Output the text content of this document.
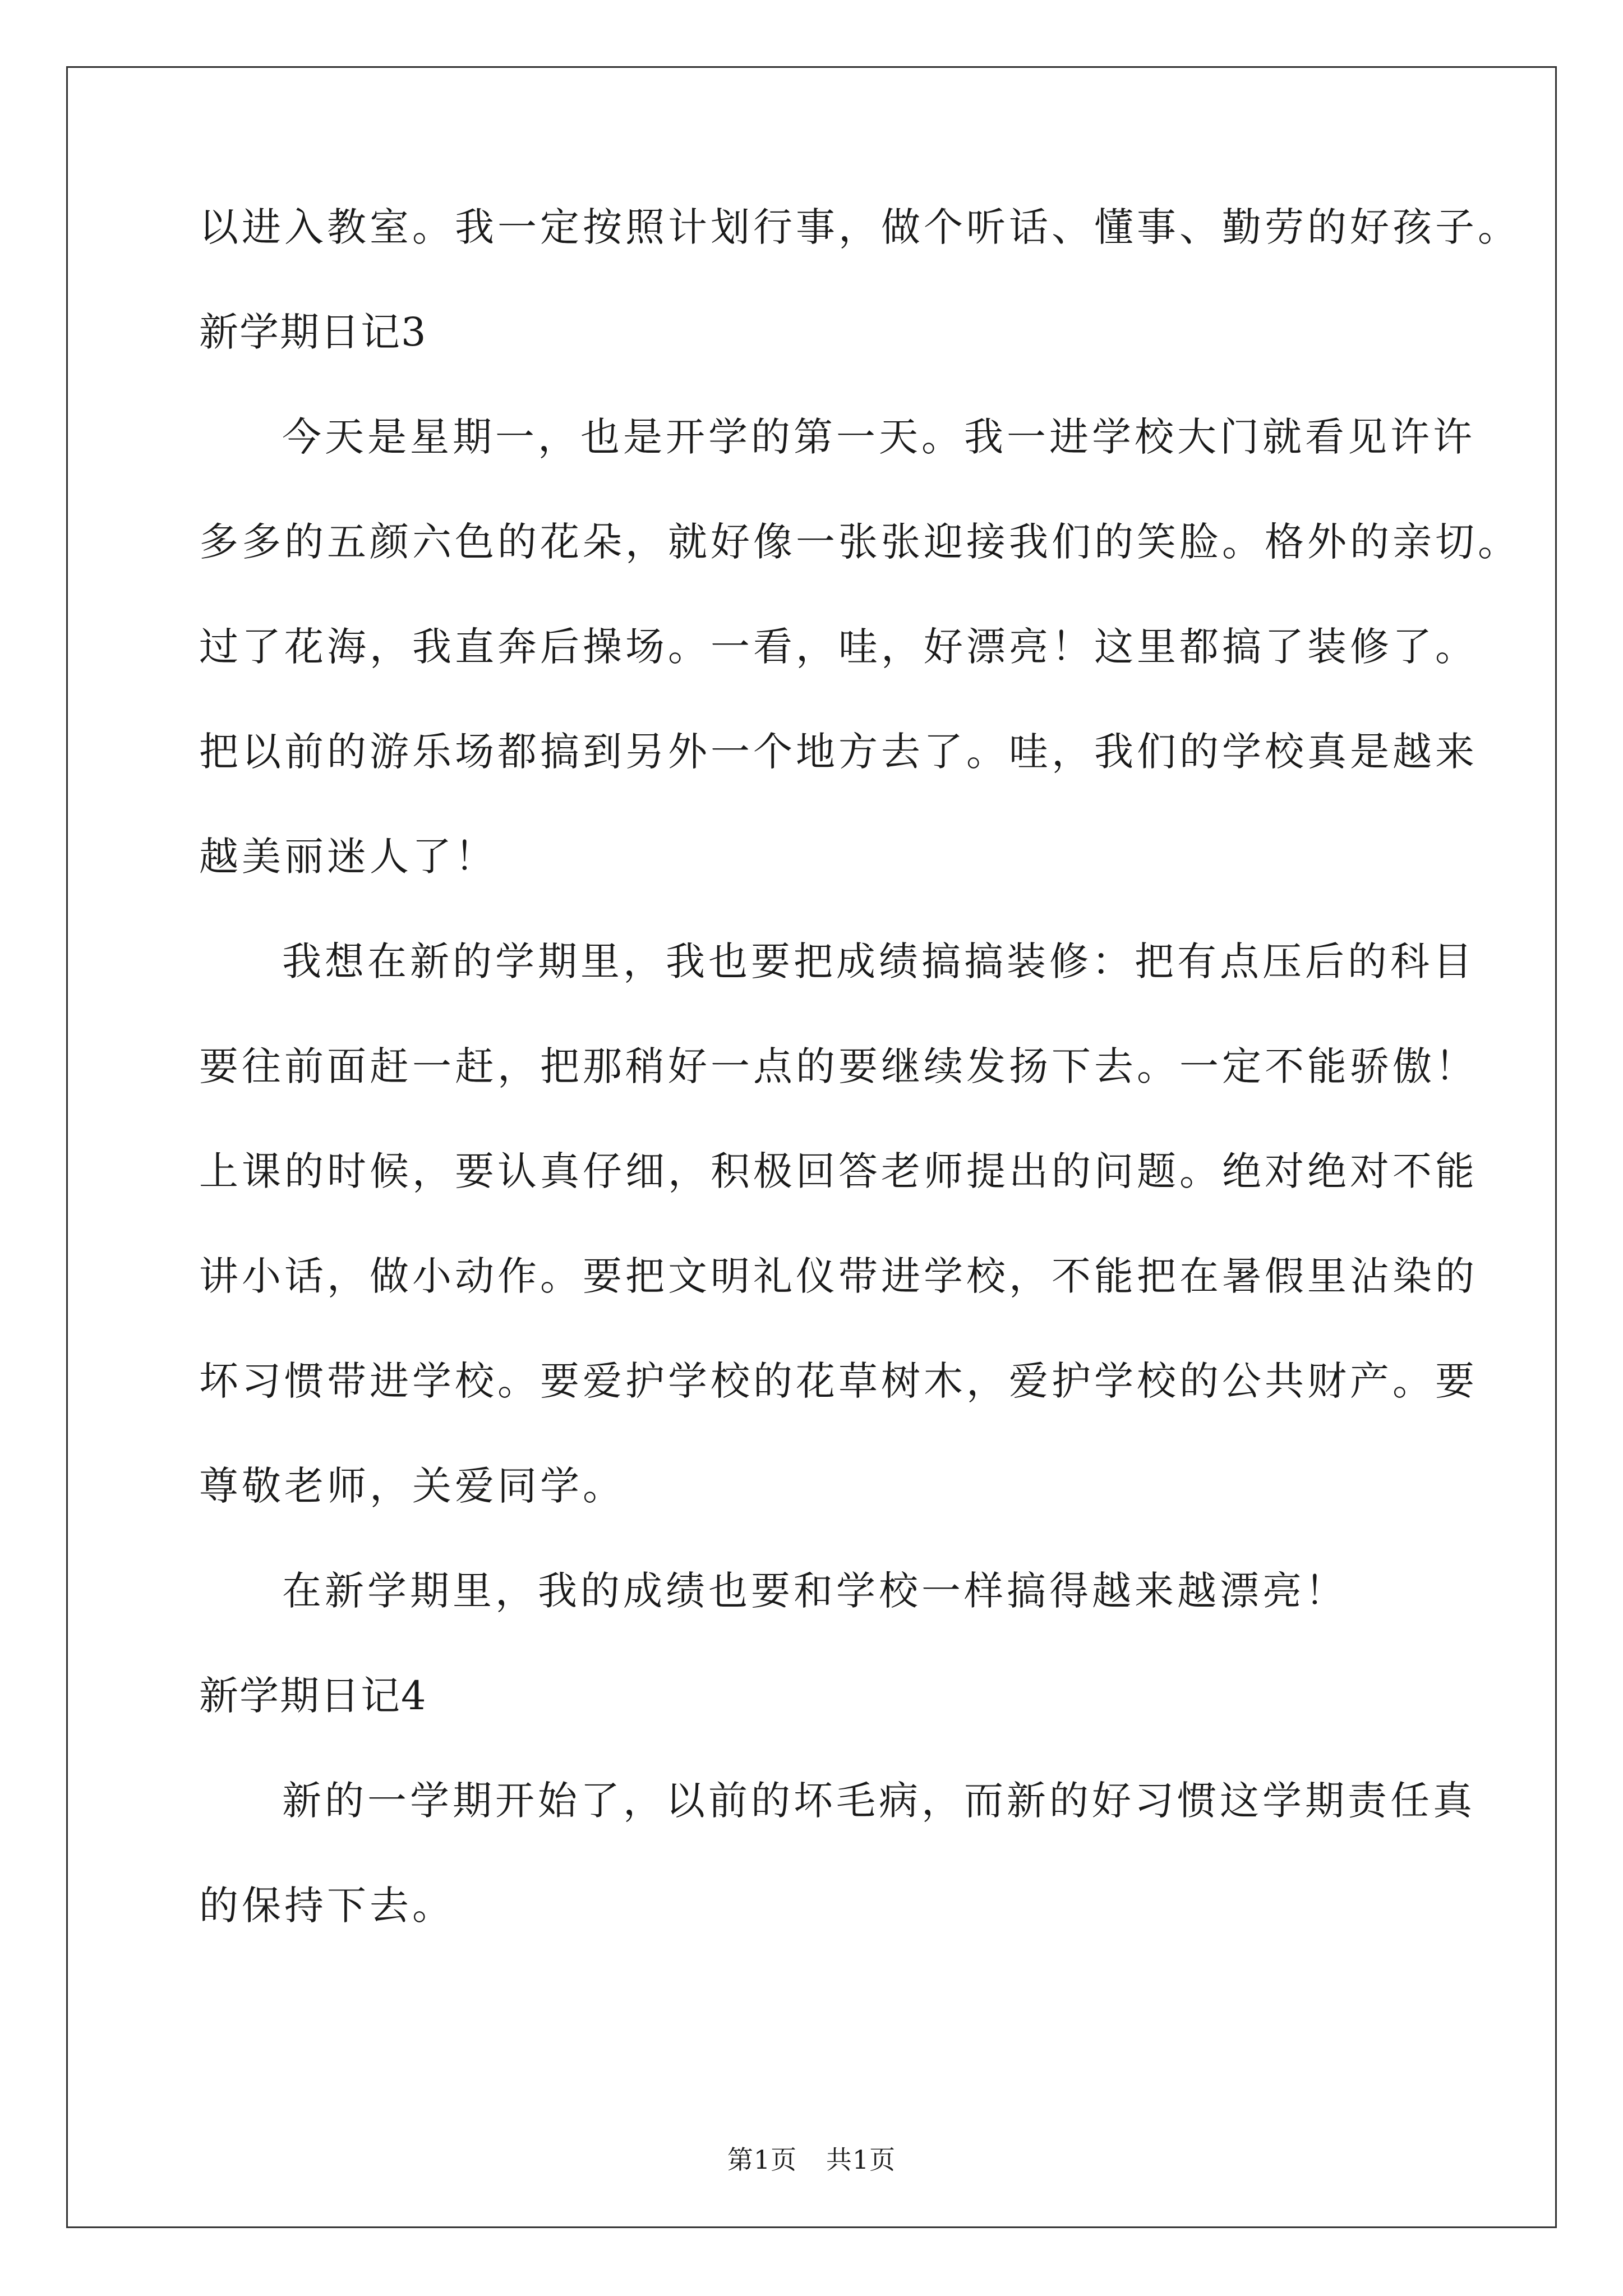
以进入教室。我一定按照计划行事，做个听话、懂事、勤劳的好孩子。
新学期日记3
今天是星期一，也是开学的第一天。我一进学校大门就看见许许
多多的五颜六色的花朵，就好像一张张迎接我们的笑脸。格外的亲切。
过了花海，我直奔后操场。一看，哇，好漂亮！这里都搞了装修了。
把以前的游乐场都搞到另外一个地方去了。哇，我们的学校真是越来
越美丽迷人了！
我想在新的学期里，我也要把成绩搞搞装修：把有点压后的科目
要往前面赶一赶，把那稍好一点的要继续发扬下去。一定不能骄傲！
上课的时候，要认真仔细，积极回答老师提出的问题。绝对绝对不能
讲小话，做小动作。要把文明礼仪带进学校，不能把在暑假里沾染的
坏习惯带进学校。要爱护学校的花草树木，爱护学校的公共财产。要
尊敬老师，关爱同学。
在新学期里，我的成绩也要和学校一样搞得越来越漂亮！
新学期日记4
新的一学期开始了，以前的坏毛病，而新的好习惯这学期责任真
的保持下去。
第1页 共1页
